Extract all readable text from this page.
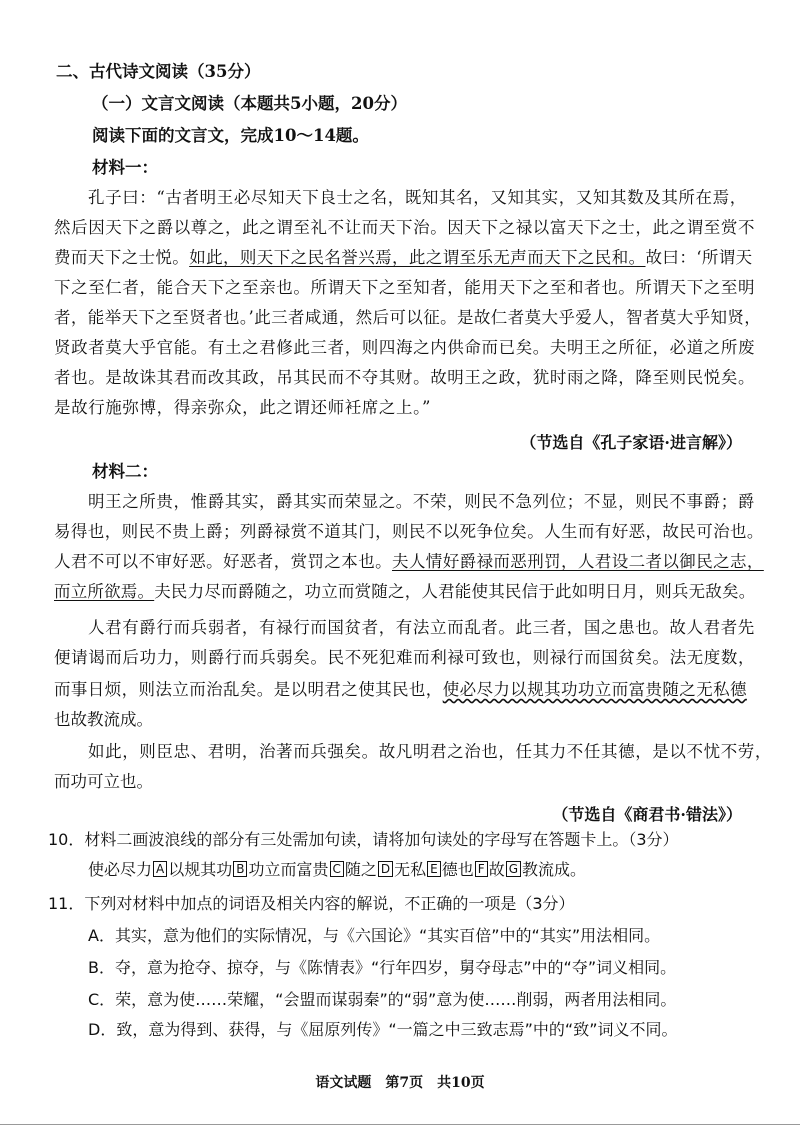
二、古代诗文阅读（35分）
（一）文言文阅读（本题共5小题，20分）
阅读下面的文言文，完成10～14题。
材料一：
孔子曰：“古者明王必尽知天下良士之名，既知其名，又知其实，又知其数及其所在焉，
然后因天下之爵以尊之，此之谓至礼不让而天下治。因天下之禄以富天下之士，此之谓至赏不
费而天下之士悦。如此，则天下之民名誉兴焉，此之谓至乐无声而天下之民和。故曰：‘所谓天
下之至仁者，能合天下之至亲也。所谓天下之至知者，能用天下之至和者也。所谓天下之至明
者，能举天下之至贤者也。’此三者咸通，然后可以征。是故仁者莫大乎爱人，智者莫大乎知贤，
贤政者莫大乎官能。有土之君修此三者，则四海之内供命而已矣。夫明王之所征，必道之所废
者也。是故诛其君而改其政，吊其民而不夺其财。故明王之政，犹时雨之降，降至则民悦矣。
是故行施弥博，得亲弥众，此之谓还师衽席之上。”
（节选自《孔子家语·进言解》）
材料二：
明王之所贵，惟爵其实，爵其实而荣显之。不荣，则民不急列位；不显，则民不事爵；爵
易得也，则民不贵上爵；列爵禄赏不道其门，则民不以死争位矣。人生而有好恶，故民可治也。
人君不可以不审好恶。好恶者，赏罚之本也。夫人情好爵禄而恶刑罚，人君设二者以御民之志，
而立所欲焉。夫民力尽而爵随之，功立而赏随之，人君能使其民信于此如明日月，则兵无敌矣。
人君有爵行而兵弱者，有禄行而国贫者，有法立而乱者。此三者，国之患也。故人君者先
便请谒而后功力，则爵行而兵弱矣。民不死犯难而利禄可致也，则禄行而国贫矣。法无度数，
而事日烦，则法立而治乱矣。是以明君之使其民也，使必尽力以规其功功立而富贵随之无私德
也故教流成。
如此，则臣忠、君明，治著而兵强矣。故凡明君之治也，任其力不任其德，是以不忧不劳，
而功可立也。
（节选自《商君书·错法》）
10．材料二画波浪线的部分有三处需加句读，请将加句读处的字母写在答题卡上。（3分）
使必尽力 A 以规其功 B 功立而富贵 C 随之 D 无私 E 德也 F 故 G 教流成。
11．下列对材料中加点的词语及相关内容的解说，不正确的一项是（3分）
A．其实，意为他们的实际情况，与《六国论》“其实百倍”中的“其实”用法相同。
B．夺，意为抢夺、掠夺，与《陈情表》“行年四岁，舅夺母志”中的“夺”词义相同。
C．荣，意为使……荣耀，“会盟而谋弱秦”的“弱”意为使……削弱，两者用法相同。
D．致，意为得到、获得，与《屈原列传》“一篇之中三致志焉”中的“致”词义不同。
语文试题　第7页　共10页
